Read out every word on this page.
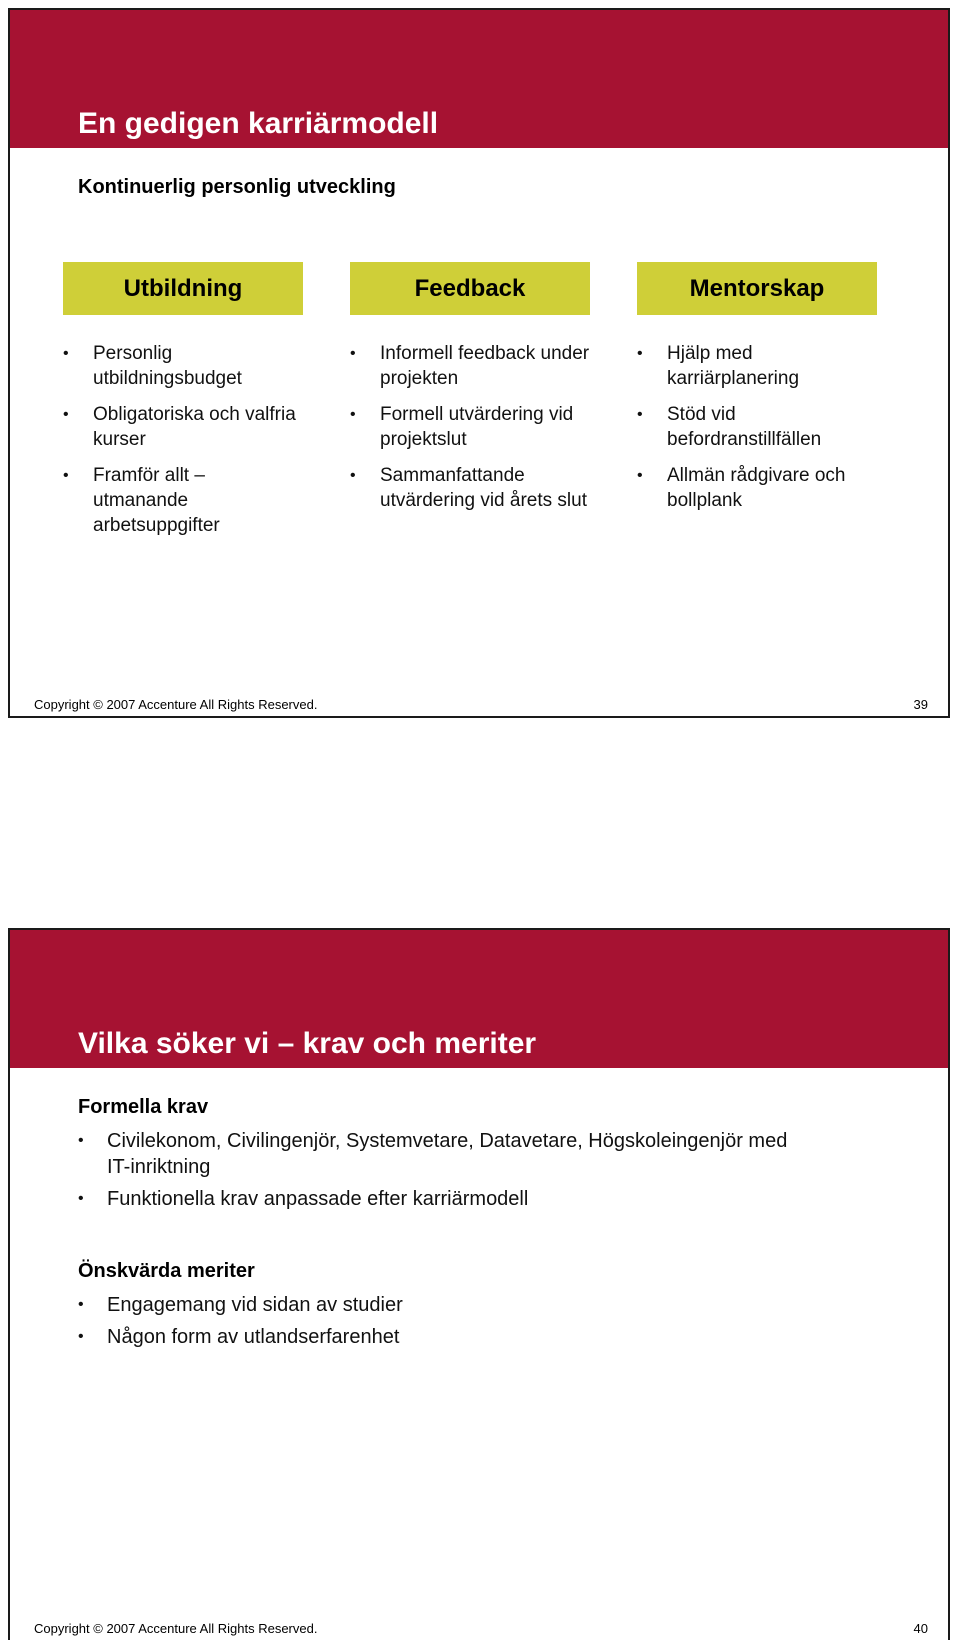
En gedigen karriärmodell

Kontinuerlig personlig utveckling

Utbildning
• Personlig utbildningsbudget
• Obligatoriska och valfria kurser
• Framför allt – utmanande arbetsuppgifter
Feedback
• Informell feedback under projekten
• Formell utvärdering vid projektslut
• Sammanfattande utvärdering vid årets slut
Mentorskap
• Hjälp med karriärplanering
• Stöd vid befordranstillfällen
• Allmän rådgivare och bollplank
Copyright © 2007 Accenture All Rights Reserved.	39
Vilka söker vi – krav och meriter

Formella krav

• Civilekonom, Civilingenjör, Systemvetare, Datavetare, Högskoleingenjör med IT-inriktning
• Funktionella krav anpassade efter karriärmodell

Önskvärda meriter

• Engagemang vid sidan av studier
• Någon form av utlandserfarenhet
Copyright © 2007 Accenture All Rights Reserved.	40
